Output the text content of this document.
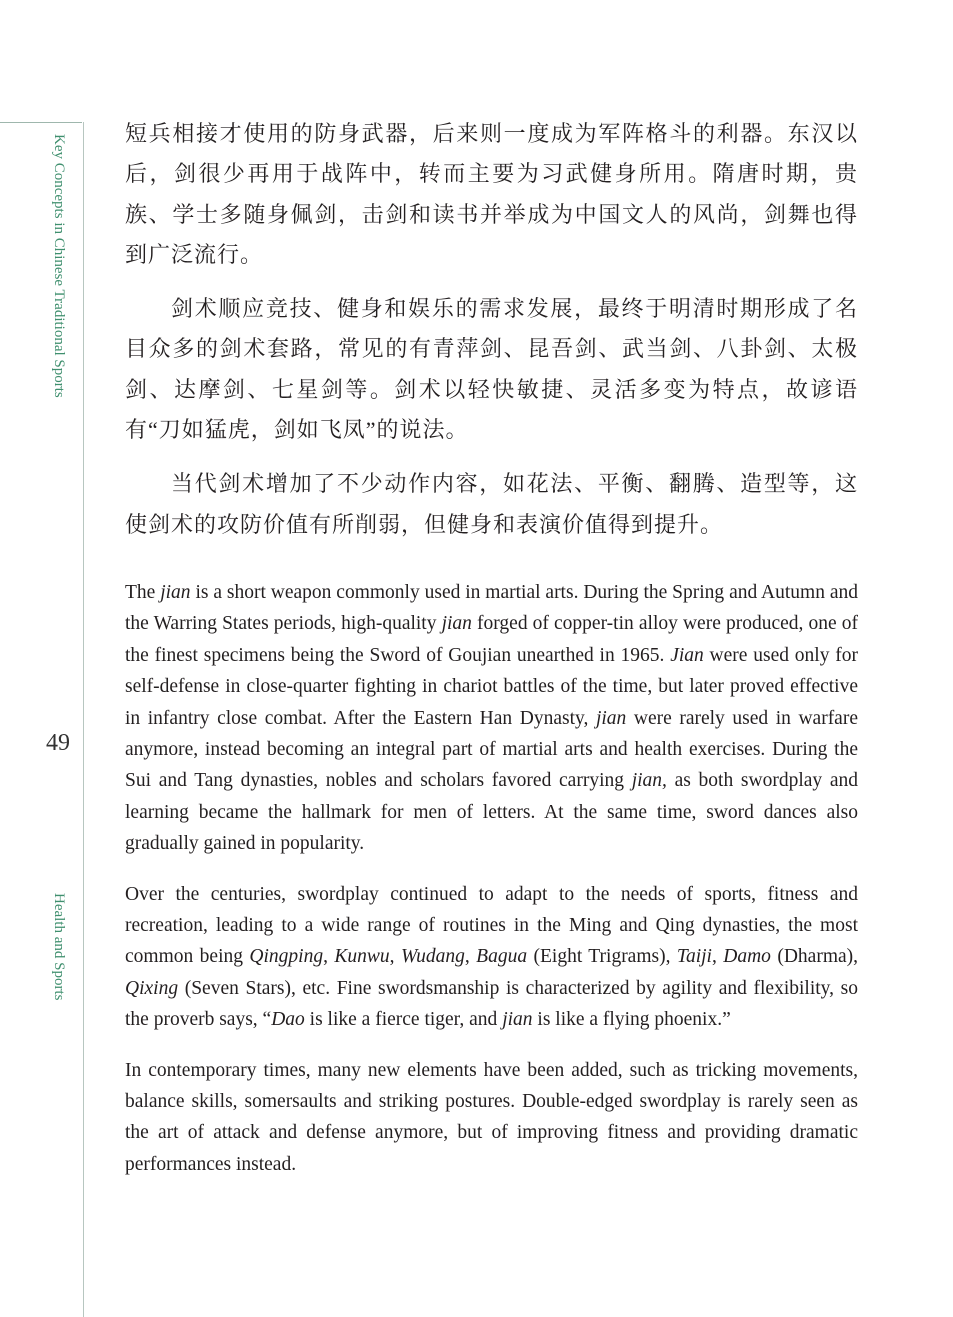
Key Concepts in Chinese Traditional Sports
49
Health and Sports

短兵相接才使用的防身武器，后来则一度成为军阵格斗的利器。东汉以后，剑很少再用于战阵中，转而主要为习武健身所用。隋唐时期，贵族、学士多随身佩剑，击剑和读书并举成为中国文人的风尚，剑舞也得到广泛流行。

剑术顺应竞技、健身和娱乐的需求发展，最终于明清时期形成了名目众多的剑术套路，常见的有青萍剑、昆吾剑、武当剑、八卦剑、太极剑、达摩剑、七星剑等。剑术以轻快敏捷、灵活多变为特点，故谚语有“刀如猛虎，剑如飞凤”的说法。

当代剑术增加了不少动作内容，如花法、平衡、翻腾、造型等，这使剑术的攻防价值有所削弱，但健身和表演价值得到提升。

The jian is a short weapon commonly used in martial arts. During the Spring and Autumn and the Warring States periods, high-quality jian forged of copper-tin alloy were produced, one of the finest specimens being the Sword of Goujian unearthed in 1965. Jian were used only for self-defense in close-quarter fighting in chariot battles of the time, but later proved effective in infantry close combat. After the Eastern Han Dynasty, jian were rarely used in warfare anymore, instead becoming an integral part of martial arts and health exercises. During the Sui and Tang dynasties, nobles and scholars favored carrying jian, as both swordplay and learning became the hallmark for men of letters. At the same time, sword dances also gradually gained in popularity.

Over the centuries, swordplay continued to adapt to the needs of sports, fitness and recreation, leading to a wide range of routines in the Ming and Qing dynasties, the most common being Qingping, Kunwu, Wudang, Bagua (Eight Trigrams), Taiji, Damo (Dharma), Qixing (Seven Stars), etc. Fine swordsmanship is characterized by agility and flexibility, so the proverb says, “Dao is like a fierce tiger, and jian is like a flying phoenix.”

In contemporary times, many new elements have been added, such as tricking movements, balance skills, somersaults and striking postures. Double-edged swordplay is rarely seen as the art of attack and defense anymore, but of improving fitness and providing dramatic performances instead.
